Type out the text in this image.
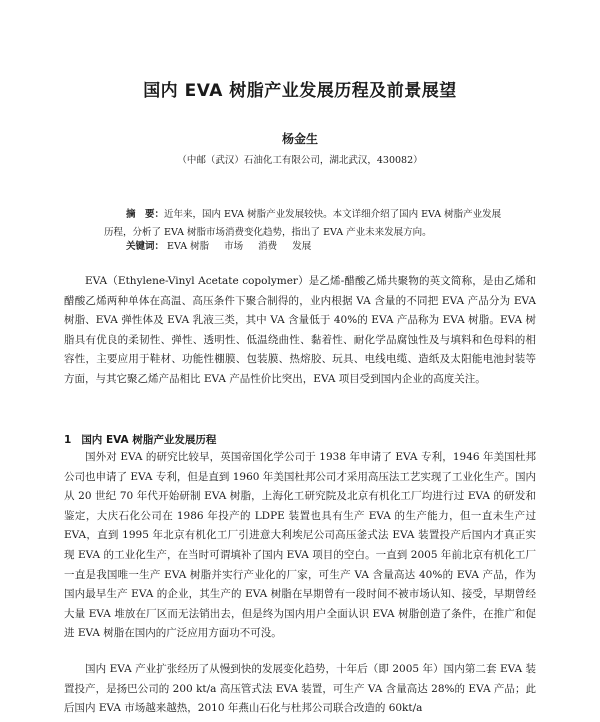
国内 EVA 树脂产业发展历程及前景展望
杨金生
（中邮（武汉）石油化工有限公司，湖北武汉，430082）
摘　要：近年来，国内 EVA 树脂产业发展较快。本文详细介绍了国内 EVA 树脂产业发展历程，分析了 EVA 树脂市场消费变化趋势，指出了 EVA 产业未来发展方向。
关键词： EVA 树脂 市场 消费 发展
EVA（Ethylene-Vinyl Acetate copolymer）是乙烯-醋酸乙烯共聚物的英文简称，是由乙烯和醋酸乙烯两种单体在高温、高压条件下聚合制得的，业内根据 VA 含量的不同把 EVA 产品分为 EVA 树脂、EVA 弹性体及 EVA 乳液三类，其中 VA 含量低于 40%的 EVA 产品称为 EVA 树脂。EVA 树脂具有优良的柔韧性、弹性、透明性、低温绕曲性、黏着性、耐化学品腐蚀性及与填料和色母料的相容性，主要应用于鞋材、功能性棚膜、包装膜、热熔胶、玩具、电线电缆、造纸及太阳能电池封装等方面，与其它聚乙烯产品相比 EVA 产品性价比突出，EVA 项目受到国内企业的高度关注。
1 国内 EVA 树脂产业发展历程
国外对 EVA 的研究比较早，英国帝国化学公司于 1938 年申请了 EVA 专利，1946 年美国杜邦公司也申请了 EVA 专利，但是直到 1960 年美国杜邦公司才采用高压法工艺实现了工业化生产。国内从 20 世纪 70 年代开始研制 EVA 树脂，上海化工研究院及北京有机化工厂均进行过 EVA 的研发和鉴定，大庆石化公司在 1986 年投产的 LDPE 装置也具有生产 EVA 的生产能力，但一直未生产过 EVA，直到 1995 年北京有机化工厂引进意大利埃尼公司高压釜式法 EVA 装置投产后国内才真正实现 EVA 的工业化生产，在当时可谓填补了国内 EVA 项目的空白。一直到 2005 年前北京有机化工厂一直是我国唯一生产 EVA 树脂并实行产业化的厂家，可生产 VA 含量高达 40%的 EVA 产品，作为国内最早生产 EVA 的企业，其生产的 EVA 树脂在早期曾有一段时间不被市场认知、接受，早期曾经大量 EVA 堆放在厂区而无法销出去，但是终为国内用户全面认识 EVA 树脂创造了条件，在推广和促进 EVA 树脂在国内的广泛应用方面功不可没。
国内 EVA 产业扩张经历了从慢到快的发展变化趋势，十年后（即 2005 年）国内第二套 EVA 装置投产，是扬巴公司的 200 kt/a 高压管式法 EVA 装置，可生产 VA 含量高达 28%的 EVA 产品；此后国内 EVA 市场越来越热，2010 年燕山石化与杜邦公司联合改造的 60kt/a
